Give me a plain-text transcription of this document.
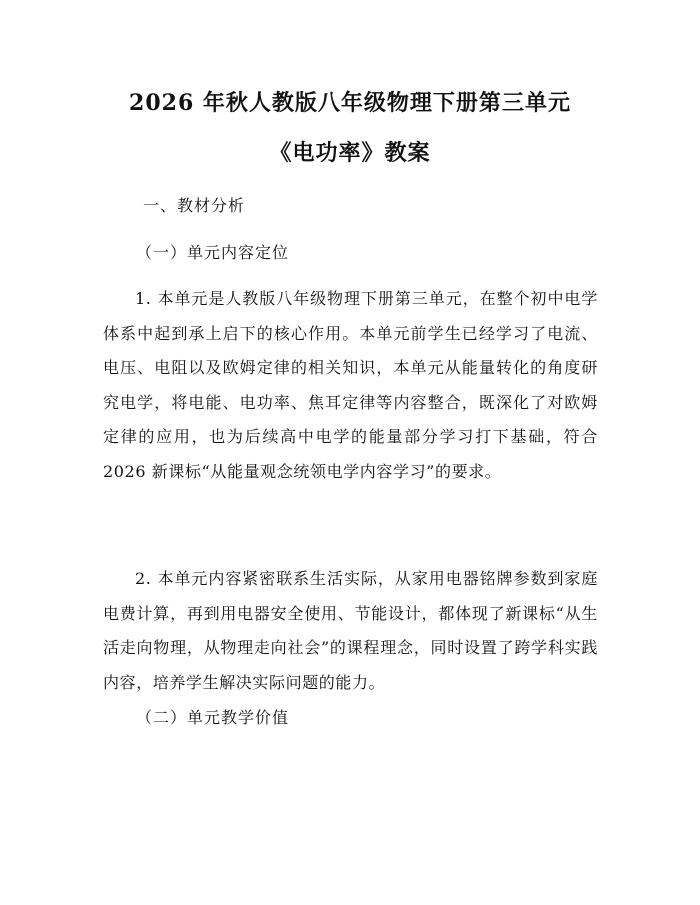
2026 年秋人教版八年级物理下册第三单元
《电功率》教案
一、教材分析
（一）单元内容定位
1. 本单元是人教版八年级物理下册第三单元，在整个初中电学体系中起到承上启下的核心作用。本单元前学生已经学习了电流、电压、电阻以及欧姆定律的相关知识，本单元从能量转化的角度研究电学，将电能、电功率、焦耳定律等内容整合，既深化了对欧姆定律的应用，也为后续高中电学的能量部分学习打下基础，符合 2026 新课标“从能量观念统领电学内容学习”的要求。
2. 本单元内容紧密联系生活实际，从家用电器铭牌参数到家庭电费计算，再到用电器安全使用、节能设计，都体现了新课标“从生活走向物理，从物理走向社会”的课程理念，同时设置了跨学科实践内容，培养学生解决实际问题的能力。
（二）单元教学价值
